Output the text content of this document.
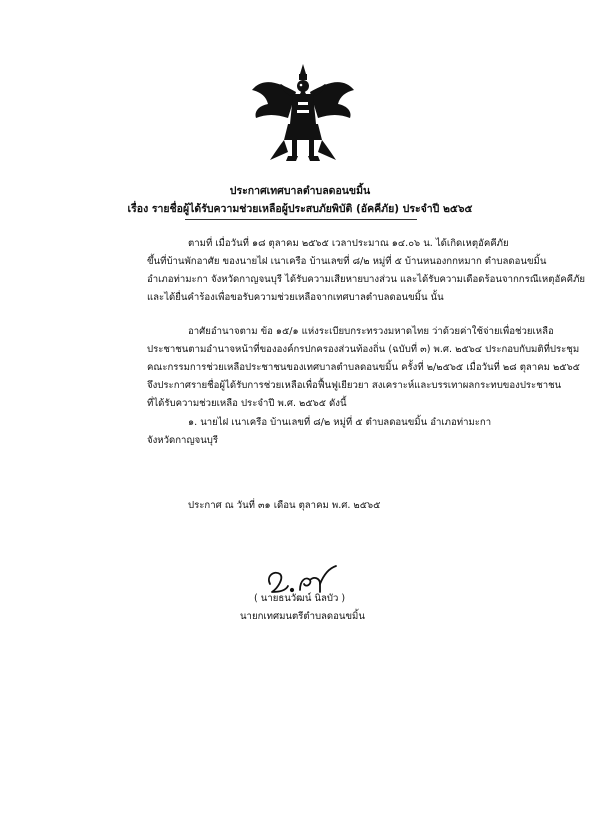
ประกาศเทศบาลตำบลดอนขมิ้น
เรื่อง รายชื่อผู้ได้รับความช่วยเหลือผู้ประสบภัยพิบัติ (อัคคีภัย) ประจำปี ๒๕๖๕
ตามที่ เมื่อวันที่ ๑๘ ตุลาคม ๒๕๖๕ เวลาประมาณ ๑๔.๐๖ น. ได้เกิดเหตุอัคคีภัย
ขึ้นที่บ้านพักอาศัย ของนายไฝ เนาเครือ บ้านเลขที่ ๘/๒ หมู่ที่ ๕ บ้านหนองกกหมาก ตำบลดอนขมิ้น
อำเภอท่ามะกา จังหวัดกาญจนบุรี ได้รับความเสียหายบางส่วน และได้รับความเดือดร้อนจากกรณีเหตุอัคคีภัย
และได้ยื่นคำร้องเพื่อขอรับความช่วยเหลือจากเทศบาลตำบลดอนขมิ้น นั้น
อาศัยอำนาจตาม ข้อ ๑๕/๑ แห่งระเบียบกระทรวงมหาดไทย ว่าด้วยค่าใช้จ่ายเพื่อช่วยเหลือ
ประชาชนตามอำนาจหน้าที่ขององค์กรปกครองส่วนท้องถิ่น (ฉบับที่ ๓) พ.ศ. ๒๕๖๔ ประกอบกับมติที่ประชุม
คณะกรรมการช่วยเหลือประชาชนของเทศบาลตำบลดอนขมิ้น ครั้งที่ ๒/๒๕๖๕ เมื่อวันที่ ๒๘ ตุลาคม ๒๕๖๕
จึงประกาศรายชื่อผู้ได้รับการช่วยเหลือเพื่อฟื้นฟูเยียวยา สงเคราะห์และบรรเทาผลกระทบของประชาชน
ที่ได้รับความช่วยเหลือ ประจำปี พ.ศ. ๒๕๖๕ ดังนี้
๑. นายไฝ เนาเครือ บ้านเลขที่ ๘/๒ หมู่ที่ ๕ ตำบลดอนขมิ้น อำเภอท่ามะกา
จังหวัดกาญจนบุรี
ประกาศ ณ วันที่ ๓๑ เดือน ตุลาคม พ.ศ. ๒๕๖๕
( นายธนวัฒน์ นิลบัว )
นายกเทศมนตรีตำบลดอนขมิ้น
